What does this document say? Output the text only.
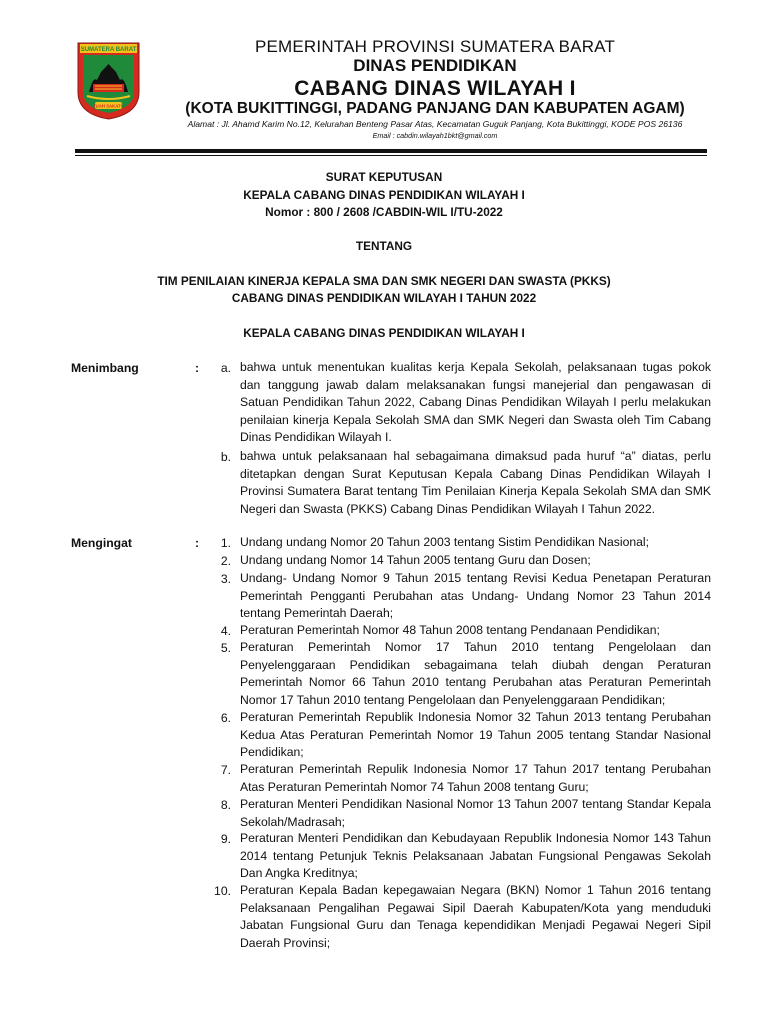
SUMATERA BARAT
TUAH SAKATO
PEMERINTAH PROVINSI SUMATERA BARAT
DINAS PENDIDIKAN
CABANG DINAS WILAYAH I
(KOTA BUKITTINGGI, PADANG PANJANG DAN KABUPATEN AGAM)
Alamat : Jl. Ahamd Karim No.12, Kelurahan Benteng Pasar Atas, Kecamatan Guguk Panjang, Kota Bukittinggi, KODE POS 26136
Email : cabdin.wilayah1bkt@gmail.com
SURAT KEPUTUSAN
KEPALA CABANG DINAS PENDIDIKAN WILAYAH I
Nomor : 800 / 2608 /CABDIN-WIL I/TU-2022
TENTANG
TIM PENILAIAN KINERJA KEPALA SMA DAN SMK NEGERI DAN SWASTA (PKKS)
CABANG DINAS PENDIDIKAN WILAYAH I TAHUN 2022
KEPALA CABANG DINAS PENDIDIKAN WILAYAH I
Menimbang	:	a. bahwa untuk menentukan kualitas kerja Kepala Sekolah, pelaksanaan tugas pokok dan tanggung jawab dalam melaksanakan fungsi manejerial dan pengawasan di Satuan Pendidikan Tahun 2022, Cabang Dinas Pendidikan Wilayah I perlu melakukan penilaian kinerja Kepala Sekolah SMA dan SMK Negeri dan Swasta oleh Tim Cabang Dinas Pendidikan Wilayah I.
b. bahwa untuk pelaksanaan hal sebagaimana dimaksud pada huruf “a” diatas, perlu ditetapkan dengan Surat Keputusan Kepala Cabang Dinas Pendidikan Wilayah I Provinsi Sumatera Barat tentang Tim Penilaian Kinerja Kepala Sekolah SMA dan SMK Negeri dan Swasta (PKKS) Cabang Dinas Pendidikan Wilayah I Tahun 2022.
Mengingat	:	1. Undang undang Nomor 20 Tahun 2003 tentang Sistim Pendidikan Nasional;
2. Undang undang Nomor 14 Tahun 2005 tentang Guru dan Dosen;
3. Undang- Undang Nomor 9 Tahun 2015 tentang Revisi Kedua Penetapan Peraturan Pemerintah Pengganti Perubahan atas Undang- Undang Nomor 23 Tahun 2014 tentang Pemerintah Daerah;
4. Peraturan Pemerintah Nomor 48 Tahun 2008 tentang Pendanaan Pendidikan;
5. Peraturan Pemerintah Nomor 17 Tahun 2010 tentang Pengelolaan dan Penyelenggaraan Pendidikan sebagaimana telah diubah dengan Peraturan Pemerintah Nomor 66 Tahun 2010 tentang Perubahan atas Peraturan Pemerintah Nomor 17 Tahun 2010 tentang Pengelolaan dan Penyelenggaraan Pendidikan;
6. Peraturan Pemerintah Republik Indonesia Nomor 32 Tahun 2013 tentang Perubahan Kedua Atas Peraturan Pemerintah Nomor 19 Tahun 2005 tentang Standar Nasional Pendidikan;
7. Peraturan Pemerintah Repulik Indonesia Nomor 17 Tahun 2017 tentang Perubahan Atas Peraturan Pemerintah Nomor 74 Tahun 2008 tentang Guru;
8. Peraturan Menteri Pendidikan Nasional Nomor 13 Tahun 2007 tentang Standar Kepala Sekolah/Madrasah;
9. Peraturan Menteri Pendidikan dan Kebudayaan Republik Indonesia Nomor 143 Tahun 2014 tentang Petunjuk Teknis Pelaksanaan Jabatan Fungsional Pengawas Sekolah Dan Angka Kreditnya;
10. Peraturan Kepala Badan kepegawaian Negara (BKN) Nomor 1 Tahun 2016 tentang Pelaksanaan Pengalihan Pegawai Sipil Daerah Kabupaten/Kota yang menduduki Jabatan Fungsional Guru dan Tenaga kependidikan Menjadi Pegawai Negeri Sipil Daerah Provinsi;
